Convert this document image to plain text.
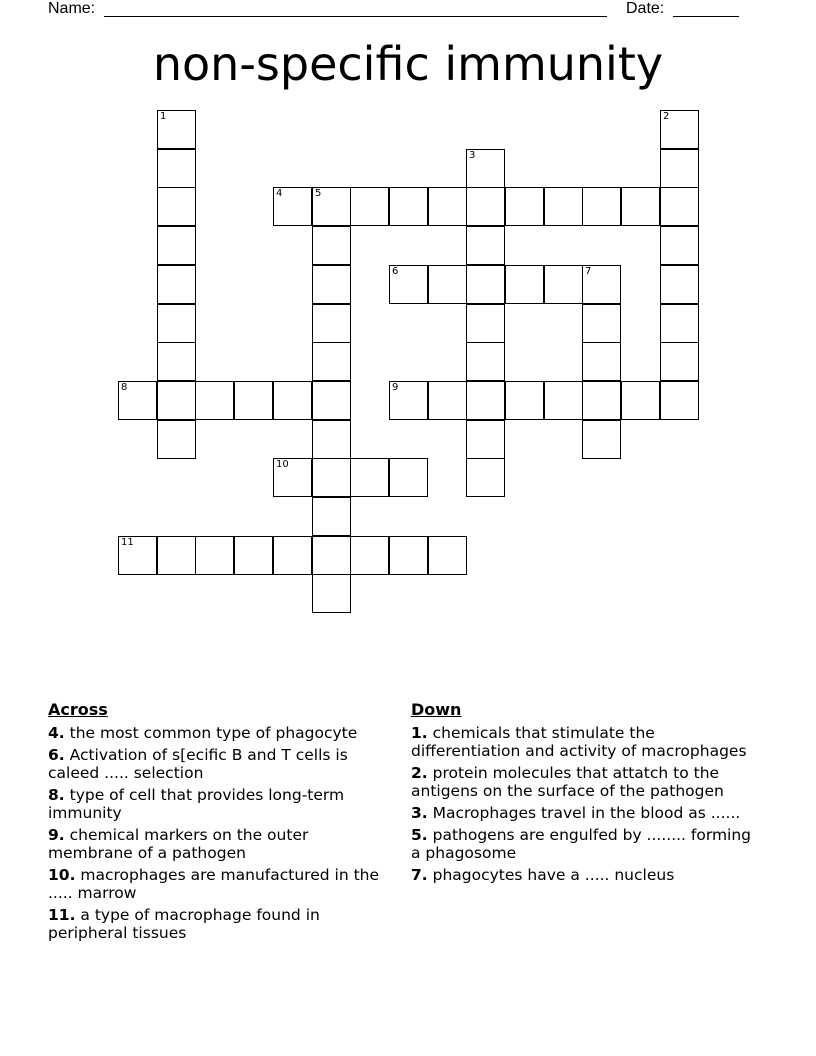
Name:	Date:
non-specific immunity
1	2
3
4	5
6	7
8	9
10
11
Across
4. the most common type of phagocyte
6. Activation of s[ecific B and T cells is caleed ..... selection
8. type of cell that provides long-term immunity
9. chemical markers on the outer membrane of a pathogen
10. macrophages are manufactured in the ..... marrow
11. a type of macrophage found in peripheral tissues
Down
1. chemicals that stimulate the differentiation and activity of macrophages
2. protein molecules that attatch to the antigens on the surface of the pathogen
3. Macrophages travel in the blood as ......
5. pathogens are engulfed by ........ forming a phagosome
7. phagocytes have a ..... nucleus
